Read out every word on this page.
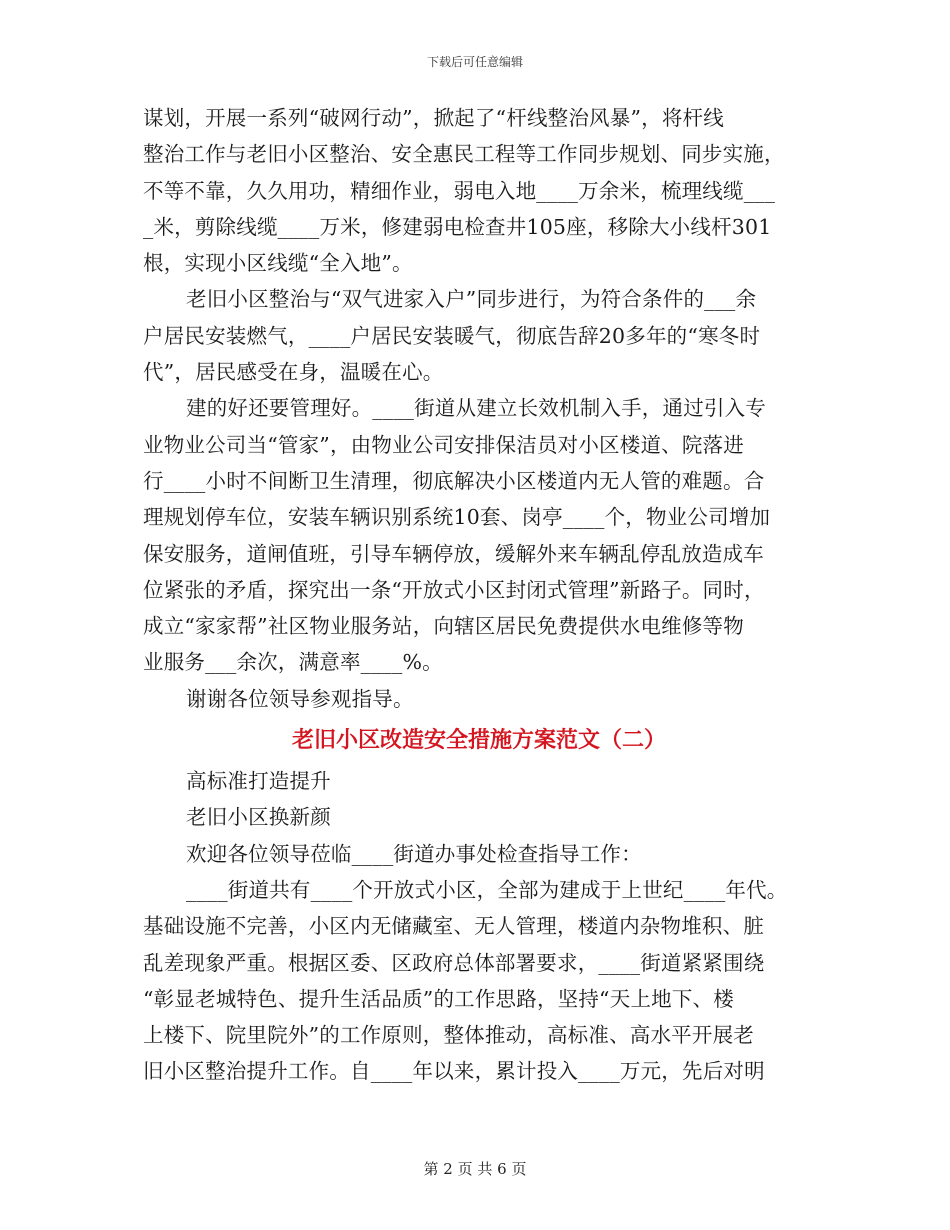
下载后可任意编辑
谋划，开展一系列“破网行动”，掀起了“杆线整治风暴”，将杆线
整治工作与老旧小区整治、安全惠民工程等工作同步规划、同步实施，
不等不靠，久久用功，精细作业，弱电入地____万余米，梳理线缆___
_米，剪除线缆____万米，修建弱电检查井105座，移除大小线杆301
根，实现小区线缆“全入地”。
老旧小区整治与“双气进家入户”同步进行，为符合条件的___余
户居民安装燃气，____户居民安装暖气，彻底告辞20多年的“寒冬时
代”，居民感受在身，温暖在心。
建的好还要管理好。____街道从建立长效机制入手，通过引入专
业物业公司当“管家”，由物业公司安排保洁员对小区楼道、院落进
行____小时不间断卫生清理，彻底解决小区楼道内无人管的难题。合
理规划停车位，安装车辆识别系统10套、岗亭____个，物业公司增加
保安服务，道闸值班，引导车辆停放，缓解外来车辆乱停乱放造成车
位紧张的矛盾，探究出一条“开放式小区封闭式管理”新路子。同时，
成立“家家帮”社区物业服务站，向辖区居民免费提供水电维修等物
业服务___余次，满意率____%。
谢谢各位领导参观指导。
老旧小区改造安全措施方案范文（二）
高标准打造提升
老旧小区换新颜
欢迎各位领导莅临____街道办事处检查指导工作：
____街道共有____个开放式小区，全部为建成于上世纪____年代。
基础设施不完善，小区内无储藏室、无人管理，楼道内杂物堆积、脏
乱差现象严重。根据区委、区政府总体部署要求，____街道紧紧围绕
“彰显老城特色、提升生活品质”的工作思路，坚持“天上地下、楼
上楼下、院里院外”的工作原则，整体推动，高标准、高水平开展老
旧小区整治提升工作。自____年以来，累计投入____万元，先后对明
第 2 页 共 6 页
